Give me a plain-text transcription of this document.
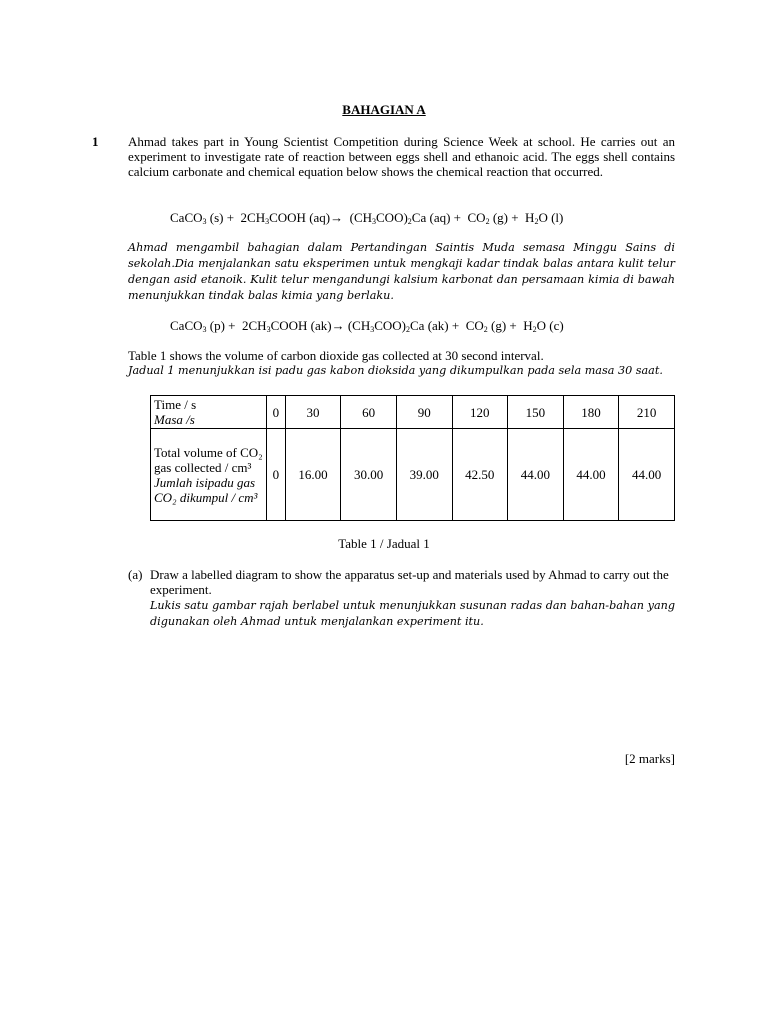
BAHAGIAN A
1 Ahmad takes part in Young Scientist Competition during Science Week at school. He carries out an experiment to investigate rate of reaction between eggs shell and ethanoic acid. The eggs shell contains calcium carbonate and chemical equation below shows the chemical reaction that occurred.
CaCO$_3$ $(s) + 2CH_3COOH$ $(aq)\to (CH_3COO)_2Ca$ $(aq) + CO_2$ $(g) + H_2O$ (l)
Ahmad mengambil bahagian dalam Pertandingan Saintis Muda semasa Minggu Sains di sekolah.Dia menjalankan satu eksperimen untuk mengkaji kadar tindak balas antara kulit telur dengan asid etanoik. Kulit telur mengandungi kalsium karbonat dan persamaan kimia di bawah menunjukkan tindak balas kimia yang berlaku.
CaCO$_3$ $(p) + 2CH_3COOH$ $(ak)\to (CH_3COO)_2Ca$ $(ak) + CO_2$ $(g) + H_2O$ (c)
Table 1 shows the volume of carbon dioxide gas collected at 30 second interval.
Jadual 1 menunjukkan isi padu gas kabon dioksida yang dikumpulkan pada sela masa 30 saat.
Time / s
Masa /s	0	30	60	90	120	150	180	210
Total volume of CO₂ gas collected / cm³
Jumlah isipadu gas CO₂ dikumpul / cm³	0	16.00	30.00	39.00	42.50	44.00	44.00	44.00
Table 1 / Jadual 1
(a) Draw a labelled diagram to show the apparatus set-up and materials used by Ahmad to carry out the experiment.
Lukis satu gambar rajah berlabel untuk menunjukkan susunan radas dan bahan-bahan yang digunakan oleh Ahmad untuk menjalankan experiment itu.
[2 marks]
